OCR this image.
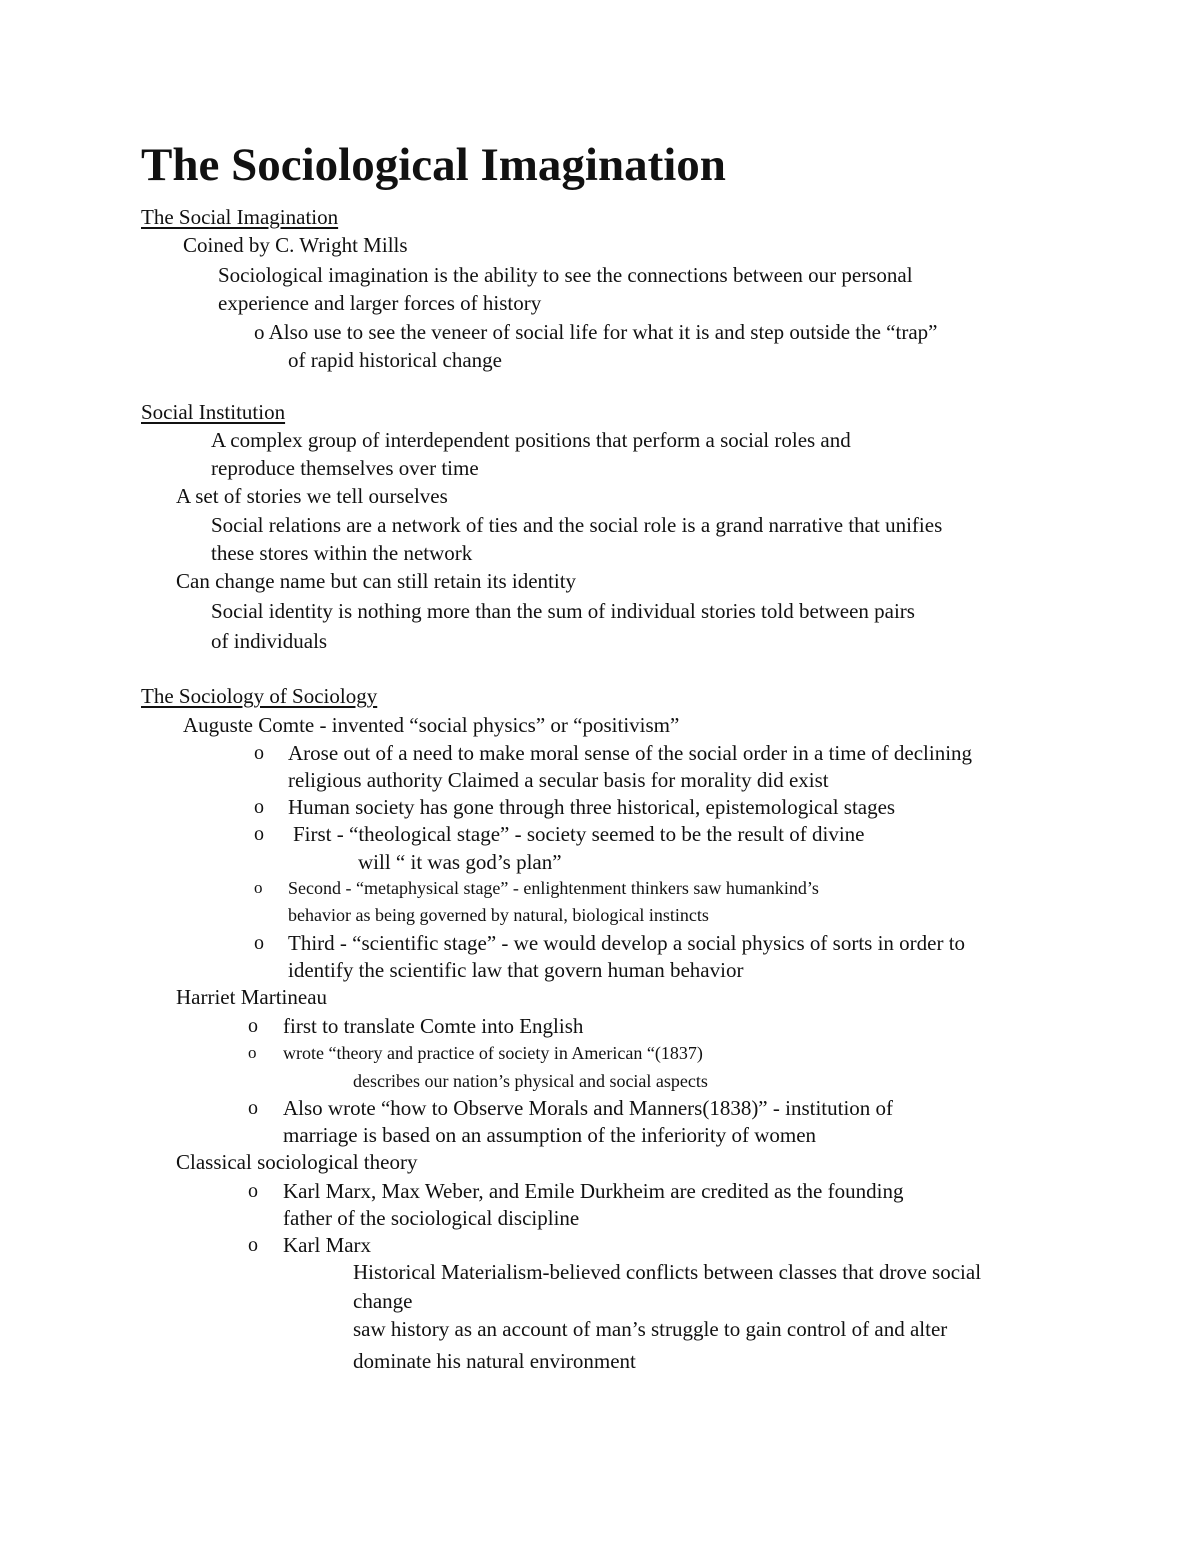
The Sociological Imagination
The Social Imagination
Coined by C. Wright Mills
Sociological imagination is the ability to see the connections between our personal
experience and larger forces of history
o Also use to see the veneer of social life for what it is and step outside the “trap”
of rapid historical change
Social Institution
A complex group of interdependent positions that perform a social roles and
reproduce themselves over time
A set of stories we tell ourselves
Social relations are a network of ties and the social role is a grand narrative that unifies
these stores within the network
Can change name but can still retain its identity
Social identity is nothing more than the sum of individual stories told between pairs
of individuals
The Sociology of Sociology
Auguste Comte - invented “social physics” or “positivism”
o Arose out of a need to make moral sense of the social order in a time of declining
religious authority Claimed a secular basis for morality did exist
o Human society has gone through three historical, epistemological stages
o First - “theological stage” - society seemed to be the result of divine
will “ it was god’s plan”
o Second - “metaphysical stage” - enlightenment thinkers saw humankind’s
behavior as being governed by natural, biological instincts
o Third - “scientific stage” - we would develop a social physics of sorts in order to
identify the scientific law that govern human behavior
Harriet Martineau
o first to translate Comte into English
o wrote “theory and practice of society in American “(1837)
describes our nation’s physical and social aspects
o Also wrote “how to Observe Morals and Manners(1838)” - institution of
marriage is based on an assumption of the inferiority of women
Classical sociological theory
o Karl Marx, Max Weber, and Emile Durkheim are credited as the founding
father of the sociological discipline
o Karl Marx
Historical Materialism-believed conflicts between classes that drove social
change
saw history as an account of man’s struggle to gain control of and alter
dominate his natural environment
